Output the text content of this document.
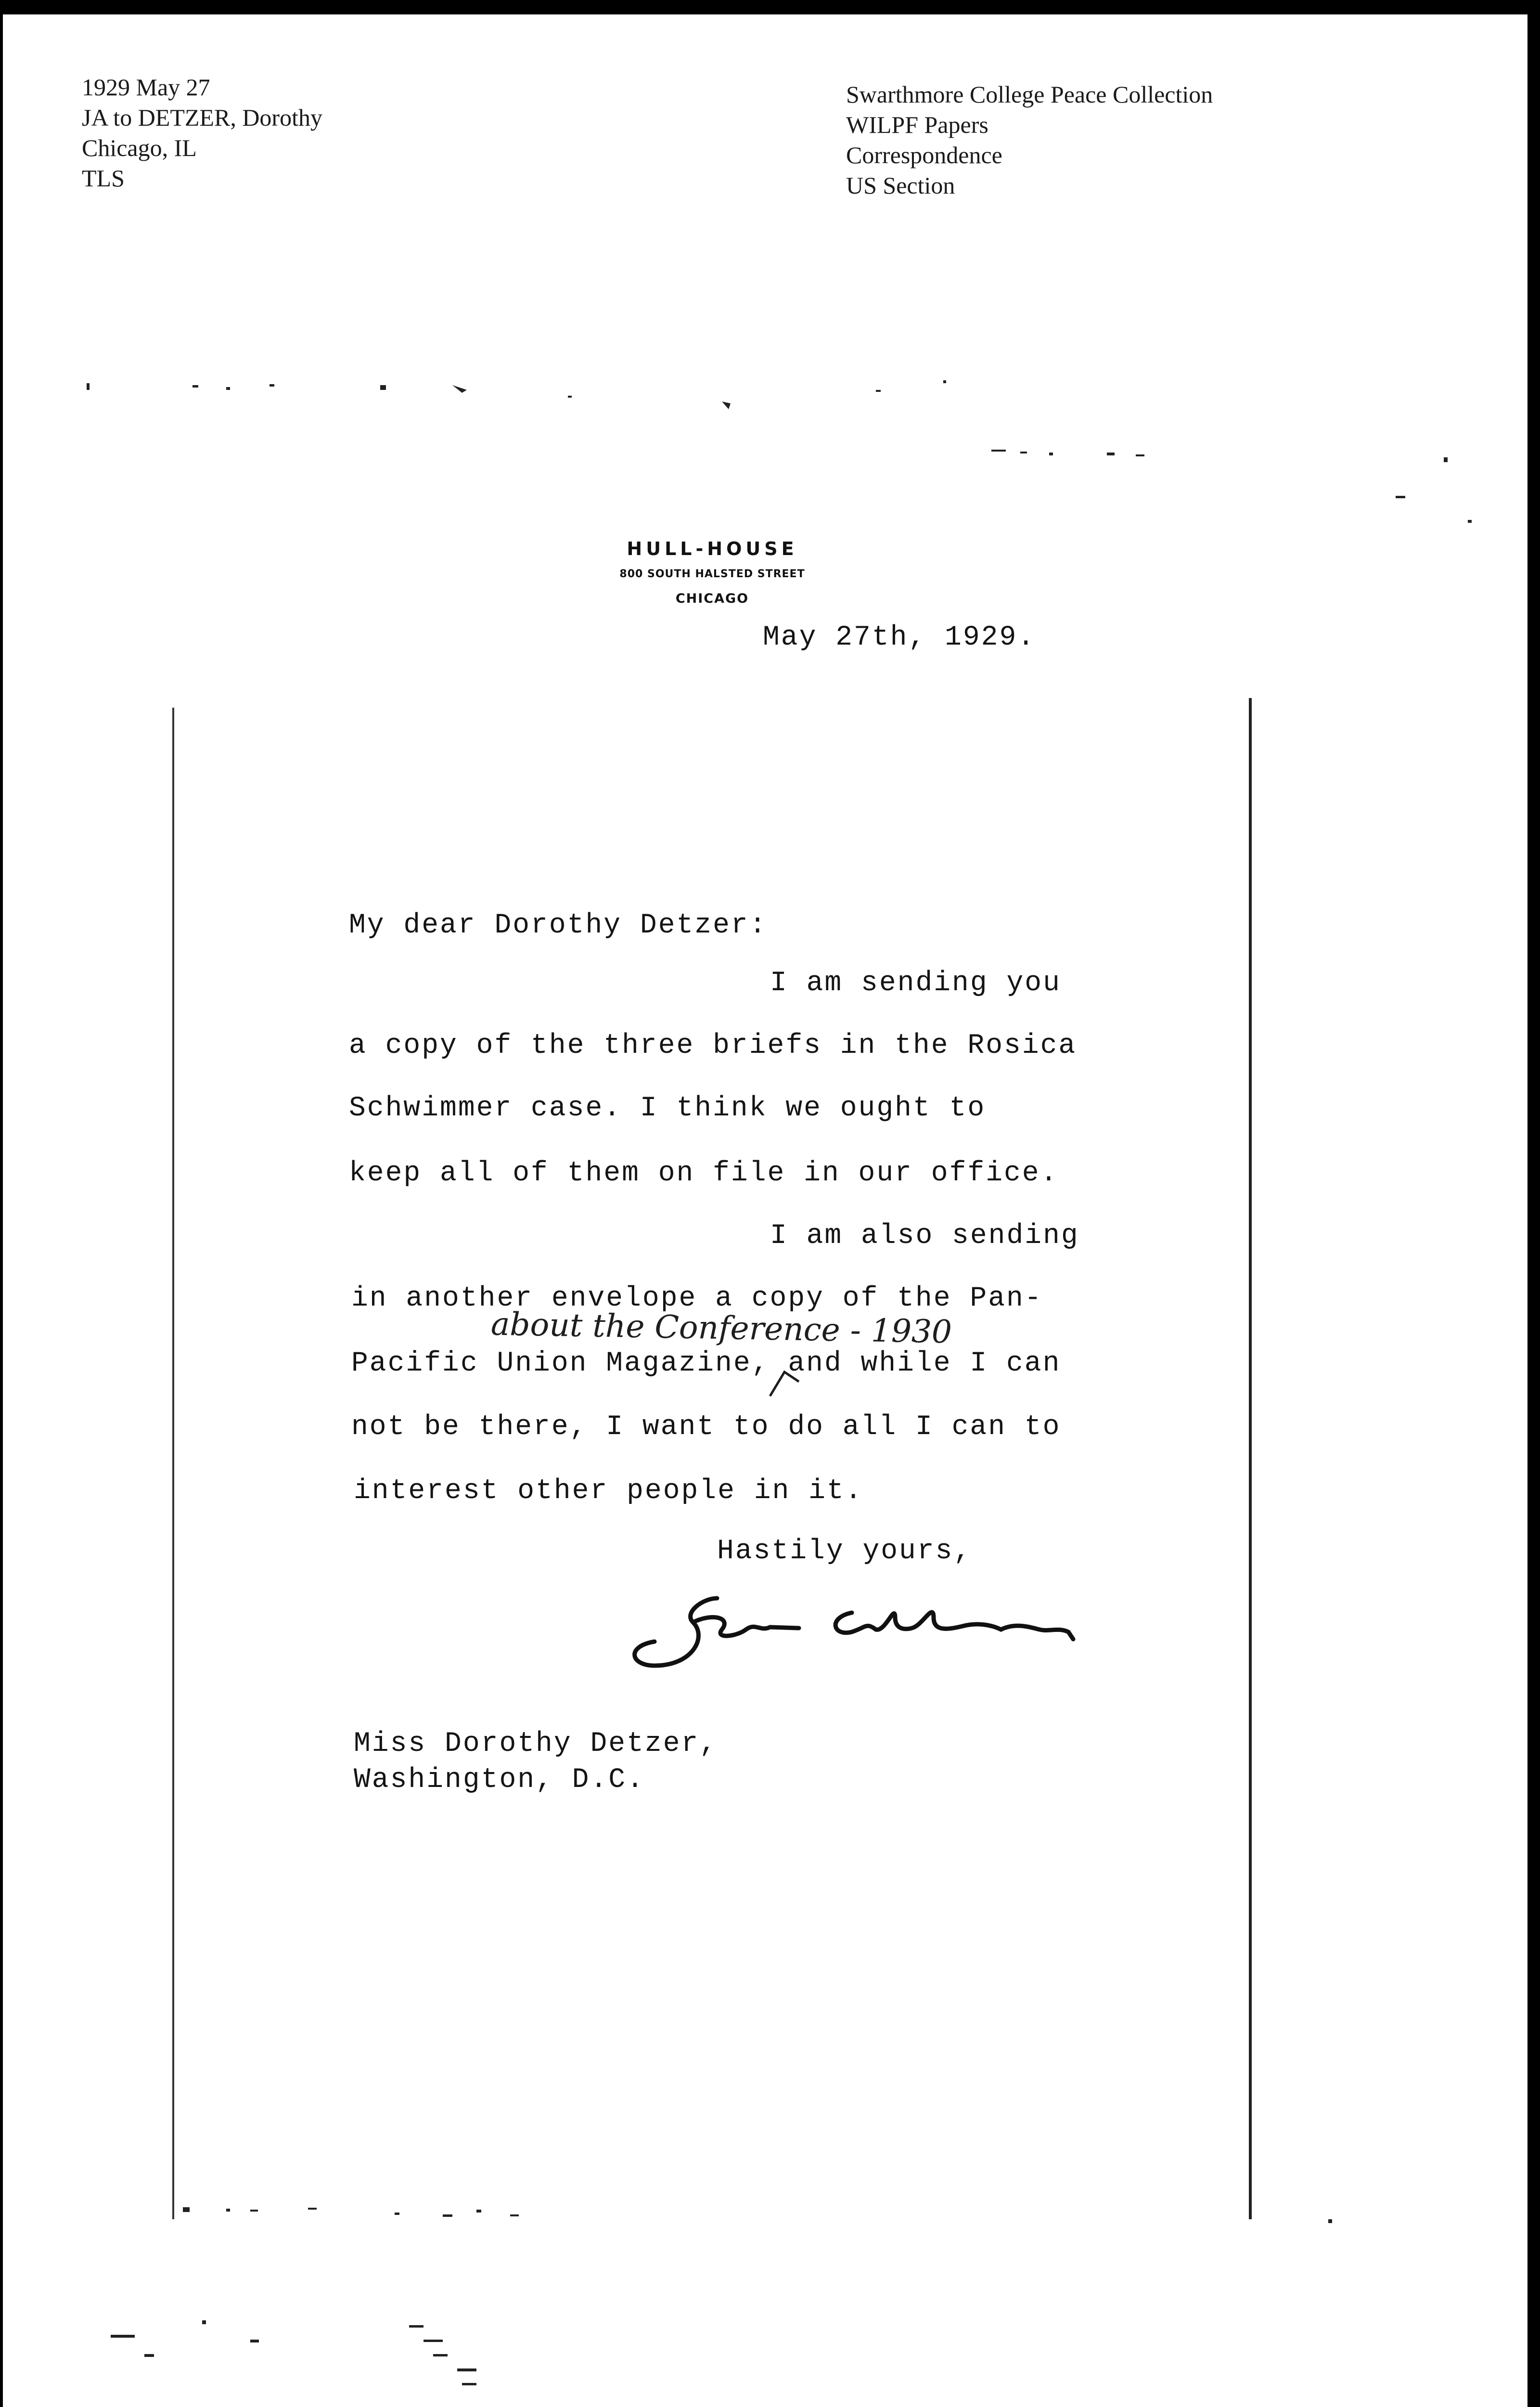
1929 May 27
JA to DETZER, Dorothy
Chicago, IL
TLS
Swarthmore College Peace Collection
WILPF Papers
Correspondence
US Section
HULL-HOUSE
800 SOUTH HALSTED STREET
CHICAGO
May 27th, 1929.
My dear Dorothy Detzer:
I am sending you
a copy of the three briefs in the Rosica
Schwimmer case. I think we ought to
keep all of them on file in our office.
I am also sending
in another envelope a copy of the Pan-
Pacific Union Magazine, and while I can
not be there, I want to do all I can to
interest other people in it.
about the Conference - 1930
Hastily yours,
Miss Dorothy Detzer,
Washington, D.C.
